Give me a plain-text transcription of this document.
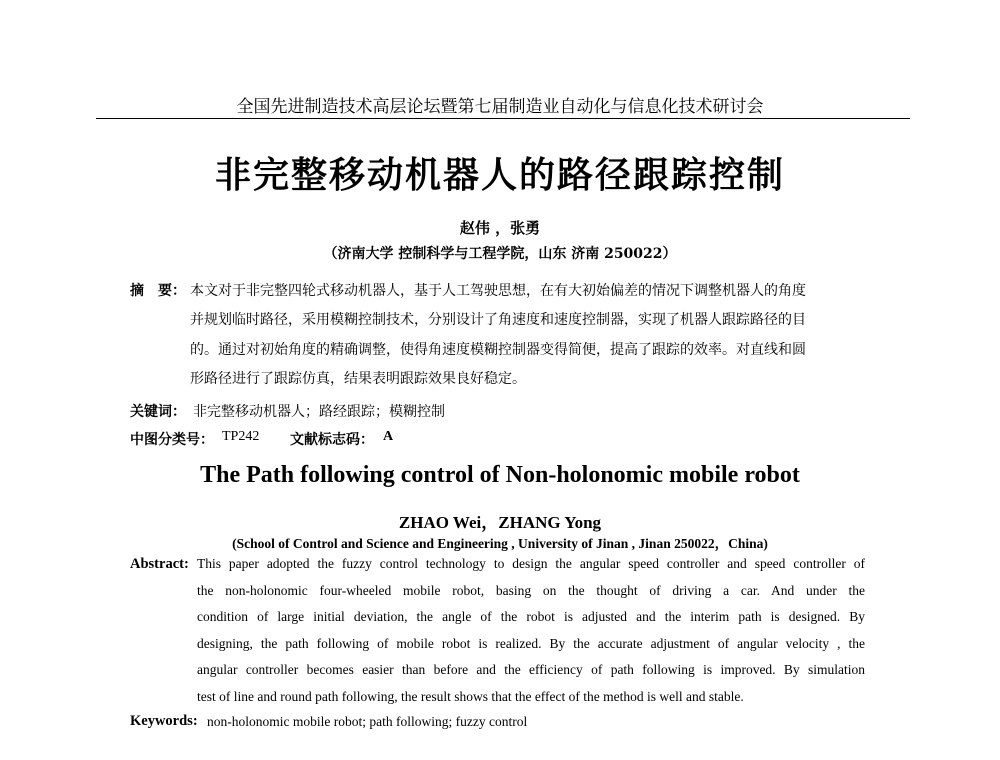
全国先进制造技术高层论坛暨第七届制造业自动化与信息化技术研讨会
非完整移动机器人的路径跟踪控制
赵伟 ，张勇
（济南大学 控制科学与工程学院，山东 济南 250022）
摘　要： 本文对于非完整四轮式移动机器人，基于人工驾驶思想，在有大初始偏差的情况下调整机器人的角度
并规划临时路径，采用模糊控制技术，分别设计了角速度和速度控制器，实现了机器人跟踪路径的目
的。通过对初始角度的精确调整，使得角速度模糊控制器变得简便，提高了跟踪的效率。对直线和圆
形路径进行了跟踪仿真，结果表明跟踪效果良好稳定。
关键词： 非完整移动机器人；路经跟踪；模糊控制
中图分类号： TP242 文献标志码： A
The Path following control of Non-holonomic mobile robot
ZHAO Wei，ZHANG Yong
(School of Control and Science and Engineering , University of Jinan , Jinan 250022，China)
Abstract: This paper adopted the fuzzy control technology to design the angular speed controller and speed controller of
the non-holonomic four-wheeled mobile robot, basing on the thought of driving a car. And under the
condition of large initial deviation, the angle of the robot is adjusted and the interim path is designed. By
designing, the path following of mobile robot is realized. By the accurate adjustment of angular velocity , the
angular controller becomes easier than before and the efficiency of path following is improved. By simulation
test of line and round path following, the result shows that the effect of the method is well and stable.
Keywords: non-holonomic mobile robot; path following; fuzzy control
